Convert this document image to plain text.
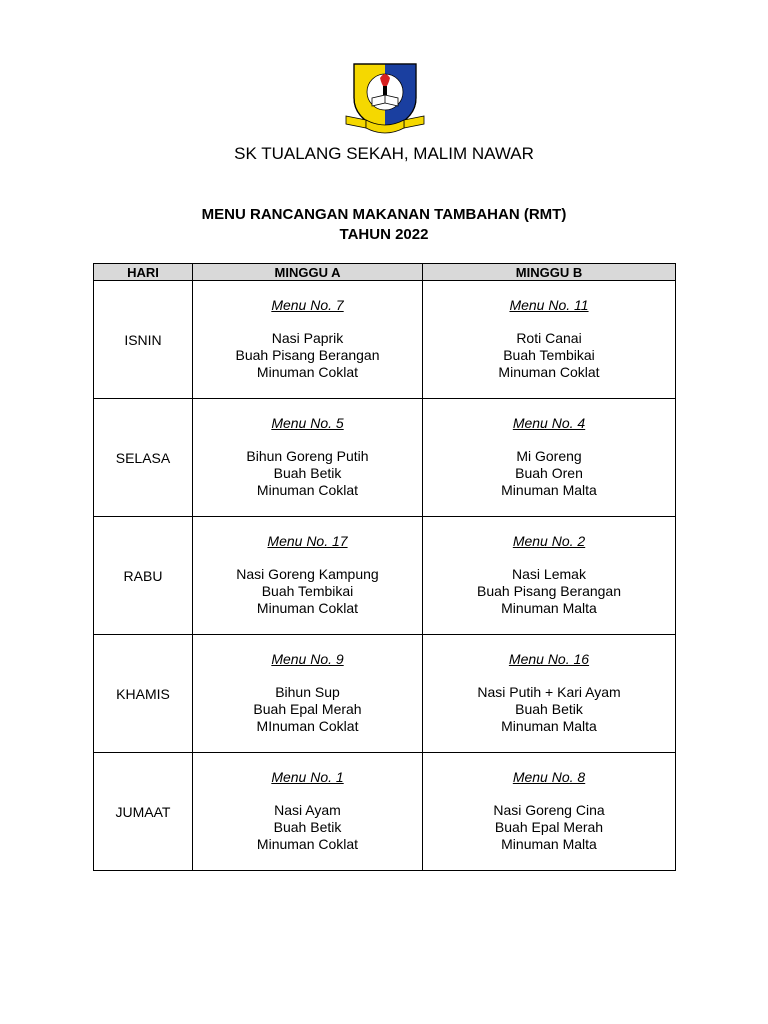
SK TUALANG SEKAH, MALIM NAWAR
MENU RANCANGAN MAKANAN TAMBAHAN (RMT)
TAHUN 2022
HARI	MINGGU A	MINGGU B
ISNIN	Menu No. 7
Nasi Paprik
Buah Pisang Berangan
Minuman Coklat	Menu No. 11
Roti Canai
Buah Tembikai
Minuman Coklat

SELASA	Menu No. 5
Bihun Goreng Putih
Buah Betik
Minuman Coklat	Menu No. 4
Mi Goreng
Buah Oren
Minuman Malta

RABU	Menu No. 17
Nasi Goreng Kampung
Buah Tembikai
Minuman Coklat	Menu No. 2
Nasi Lemak
Buah Pisang Berangan
Minuman Malta

KHAMIS	Menu No. 9
Bihun Sup
Buah Epal Merah
MInuman Coklat	Menu No. 16
Nasi Putih + Kari Ayam
Buah Betik
Minuman Malta

JUMAAT	Menu No. 1
Nasi Ayam
Buah Betik
Minuman Coklat	Menu No. 8
Nasi Goreng Cina
Buah Epal Merah
Minuman Malta
